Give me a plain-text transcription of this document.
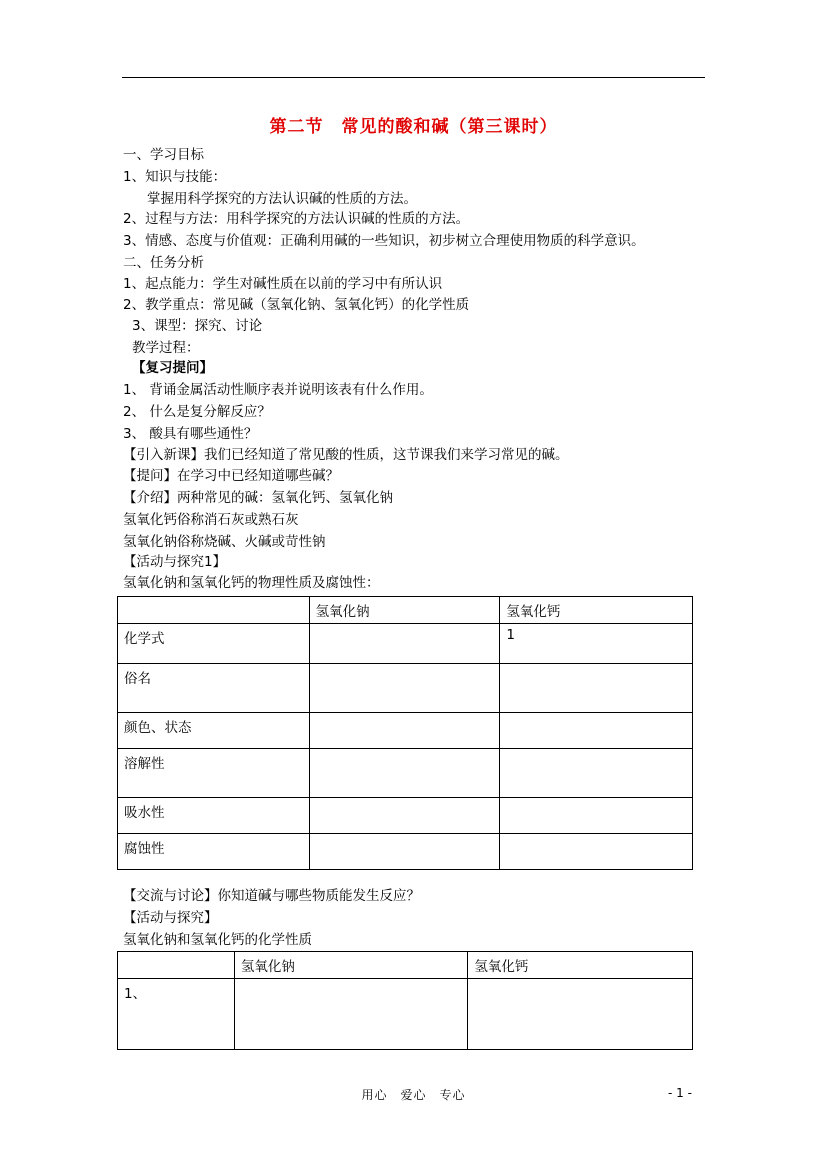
第二节　常见的酸和碱（第三课时）
一、学习目标
1、知识与技能：
掌握用科学探究的方法认识碱的性质的方法。
2、过程与方法：用科学探究的方法认识碱的性质的方法。
3、情感、态度与价值观：正确利用碱的一些知识，初步树立合理使用物质的科学意识。
二、任务分析
1、起点能力：学生对碱性质在以前的学习中有所认识
2、教学重点：常见碱（氢氧化钠、氢氧化钙）的化学性质
3、课型：探究、讨论
教学过程：
【复习提问】
1、 背诵金属活动性顺序表并说明该表有什么作用。
2、 什么是复分解反应？
3、 酸具有哪些通性？
【引入新课】我们已经知道了常见酸的性质，这节课我们来学习常见的碱。
【提问】在学习中已经知道哪些碱？
【介绍】两种常见的碱：氢氧化钙、氢氧化钠
氢氧化钙俗称消石灰或熟石灰
氢氧化钠俗称烧碱、火碱或苛性钠
【活动与探究1】
氢氧化钠和氢氧化钙的物理性质及腐蚀性：
	氢氧化钠	氢氧化钙
化学式		1
俗名		
颜色、状态		
溶解性		
吸水性		
腐蚀性		
【交流与讨论】你知道碱与哪些物质能发生反应？
【活动与探究】
氢氧化钠和氢氧化钙的化学性质
	氢氧化钠	氢氧化钙
1、		
用心　爱心　专心	- 1 -
